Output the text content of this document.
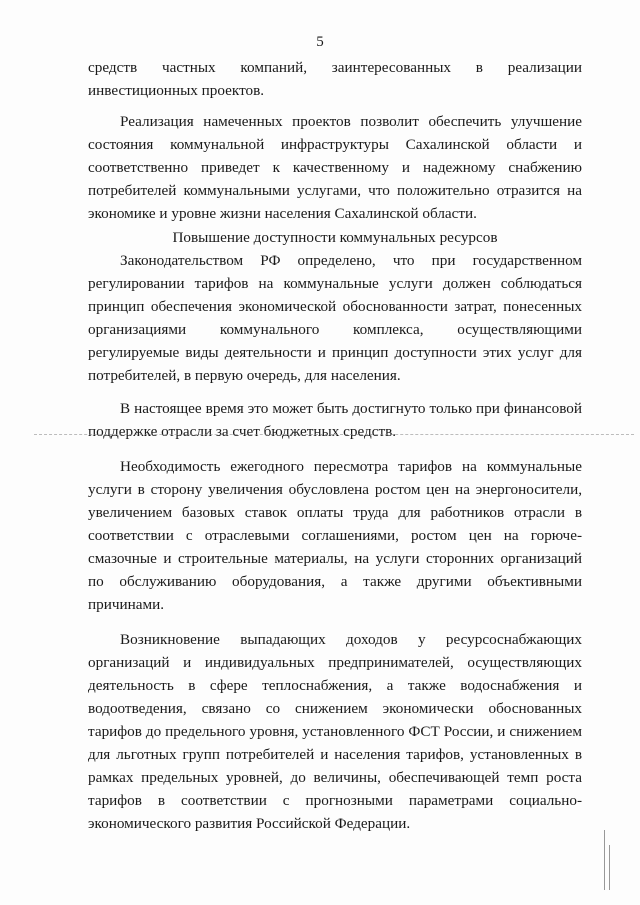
5

средств частных компаний, заинтересованных в реализации инвестиционных проектов.

Реализация намеченных проектов позволит обеспечить улучшение состояния коммунальной инфраструктуры Сахалинской области и соответственно приведет к качественному и надежному снабжению потребителей коммунальными услугами, что положительно отразится на экономике и уровне жизни населения Сахалинской области.

Повышение доступности коммунальных ресурсов

Законодательством РФ определено, что при государственном регулировании тарифов на коммунальные услуги должен соблюдаться принцип обеспечения экономической обоснованности затрат, понесенных организациями коммунального комплекса, осуществляющими регулируемые виды деятельности и принцип доступности этих услуг для потребителей, в первую очередь, для населения.

В настоящее время это может быть достигнуто только при финансовой поддержке отрасли за счет бюджетных средств.

Необходимость ежегодного пересмотра тарифов на коммунальные услуги в сторону увеличения обусловлена ростом цен на энергоносители, увеличением базовых ставок оплаты труда для работников отрасли в соответствии с отраслевыми соглашениями, ростом цен на горюче-смазочные и строительные материалы, на услуги сторонних организаций по обслуживанию оборудования, а также другими объективными причинами.

Возникновение выпадающих доходов у ресурсоснабжающих организаций и индивидуальных предпринимателей, осуществляющих деятельность в сфере теплоснабжения, а также водоснабжения и водоотведения, связано со снижением экономически обоснованных тарифов до предельного уровня, установленного ФСТ России, и снижением для льготных групп потребителей и населения тарифов, установленных в рамках предельных уровней, до величины, обеспечивающей темп роста тарифов в соответствии с прогнозными параметрами социально-экономического развития Российской Федерации.
